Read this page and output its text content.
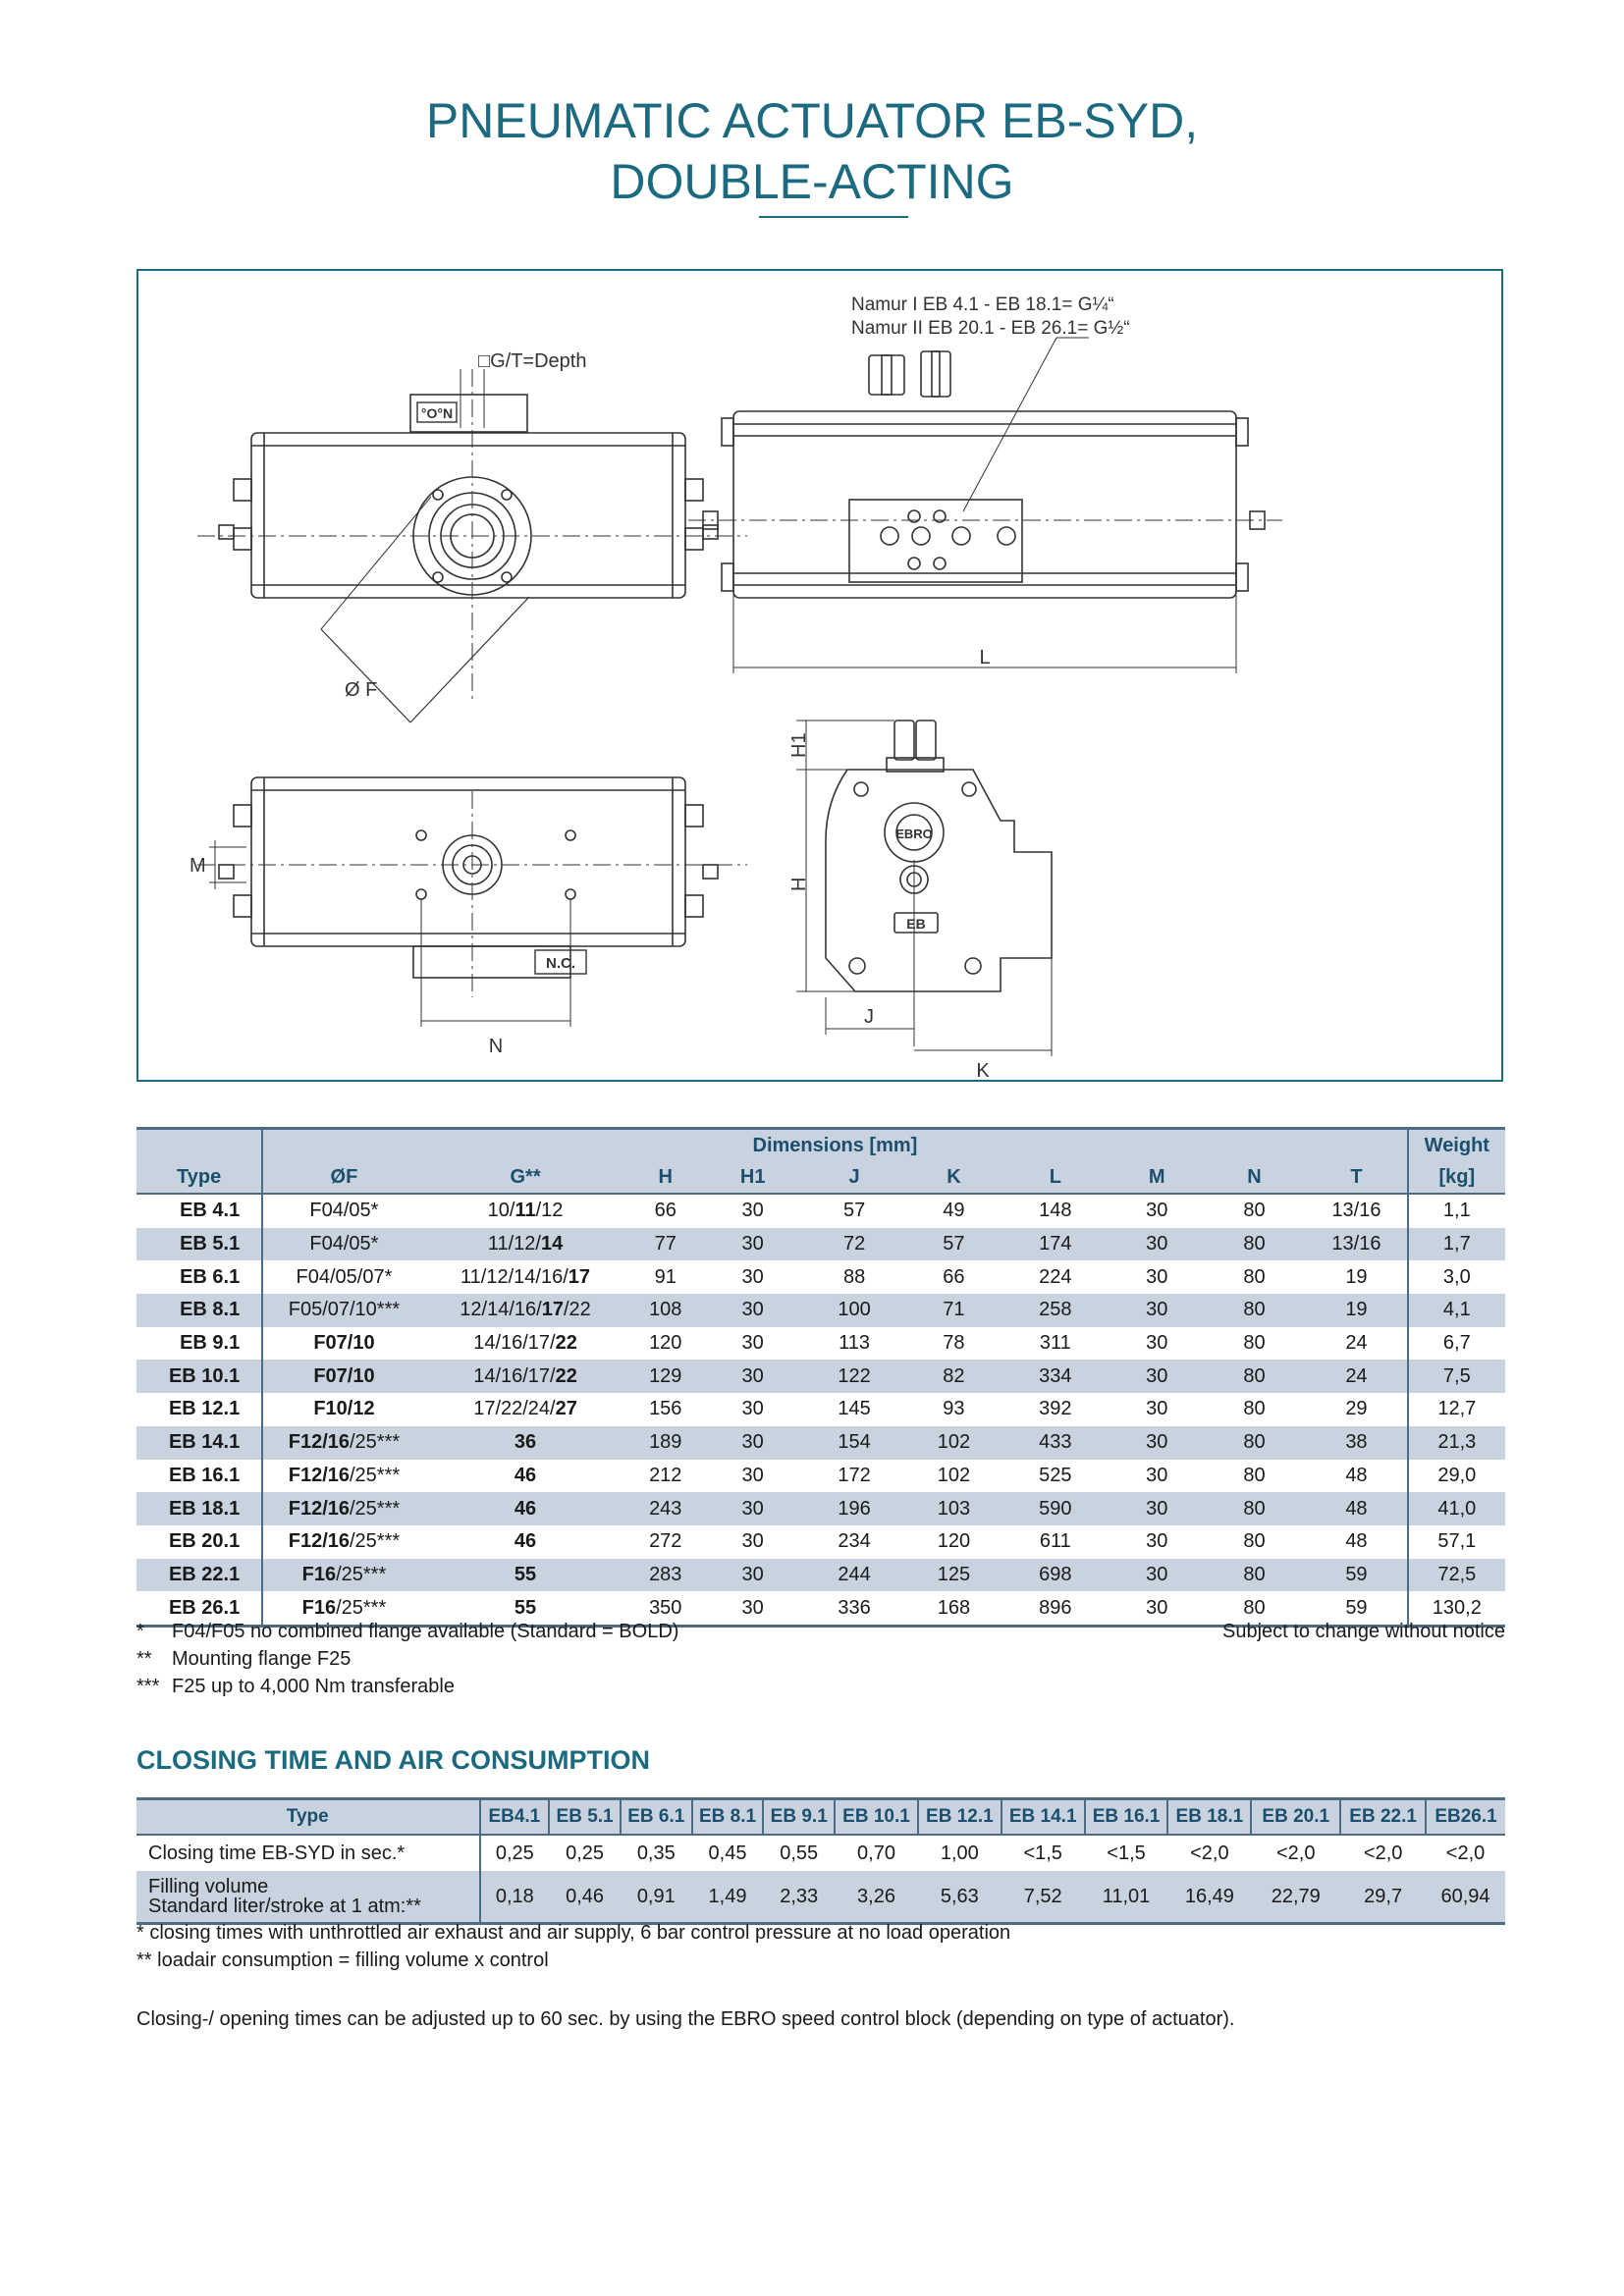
PNEUMATIC ACTUATOR EB-SYD,
DOUBLE-ACTING
°O°N
□G/T=Depth
Ø F
Namur I EB 4.1 - EB 18.1= G¼“
Namur II EB 20.1 - EB 26.1= G½“
L
N.C.
N
M
EBRO
EB
H1
H
J
K
	Dimensions [mm]										Weight
Type	ØF	G**	H	H1	J	K	L	M	N	T	[kg]
EB 4.1	F04/05*	10/11/12	66	30	57	49	148	30	80	13/16	1,1
EB 5.1	F04/05*	11/12/14	77	30	72	57	174	30	80	13/16	1,7
EB 6.1	F04/05/07*	11/12/14/16/17	91	30	88	66	224	30	80	19	3,0
EB 8.1	F05/07/10***	12/14/16/17/22	108	30	100	71	258	30	80	19	4,1
EB 9.1	F07/10	14/16/17/22	120	30	113	78	311	30	80	24	6,7
EB 10.1	F07/10	14/16/17/22	129	30	122	82	334	30	80	24	7,5
EB 12.1	F10/12	17/22/24/27	156	30	145	93	392	30	80	29	12,7
EB 14.1	F12/16/25***	36	189	30	154	102	433	30	80	38	21,3
EB 16.1	F12/16/25***	46	212	30	172	102	525	30	80	48	29,0
EB 18.1	F12/16/25***	46	243	30	196	103	590	30	80	48	41,0
EB 20.1	F12/16/25***	46	272	30	234	120	611	30	80	48	57,1
EB 22.1	F16/25***	55	283	30	244	125	698	30	80	59	72,5
EB 26.1	F16/25***	55	350	30	336	168	896	30	80	59	130,2
* F04/F05 no combined flange available (Standard = BOLD)
** Mounting flange F25
*** F25 up to 4,000 Nm transferable
Subject to change without notice
CLOSING TIME AND AIR CONSUMPTION
Type	EB4.1	EB 5.1	EB 6.1	EB 8.1	EB 9.1	EB 10.1	EB 12.1	EB 14.1	EB 16.1	EB 18.1	EB 20.1	EB 22.1	EB26.1
Closing time EB-SYD in sec.*	0,25	0,25	0,35	0,45	0,55	0,70	1,00	<1,5	<1,5	<2,0	<2,0	<2,0	<2,0
Filling volume
Standard liter/stroke at 1 atm:**	0,18	0,46	0,91	1,49	2,33	3,26	5,63	7,52	11,01	16,49	22,79	29,7	60,94
* closing times with unthrottled air exhaust and air supply, 6 bar control pressure at no load operation
** loadair consumption = filling volume x control
Closing-/ opening times can be adjusted up to 60 sec. by using the EBRO speed control block (depending on type of actuator).
